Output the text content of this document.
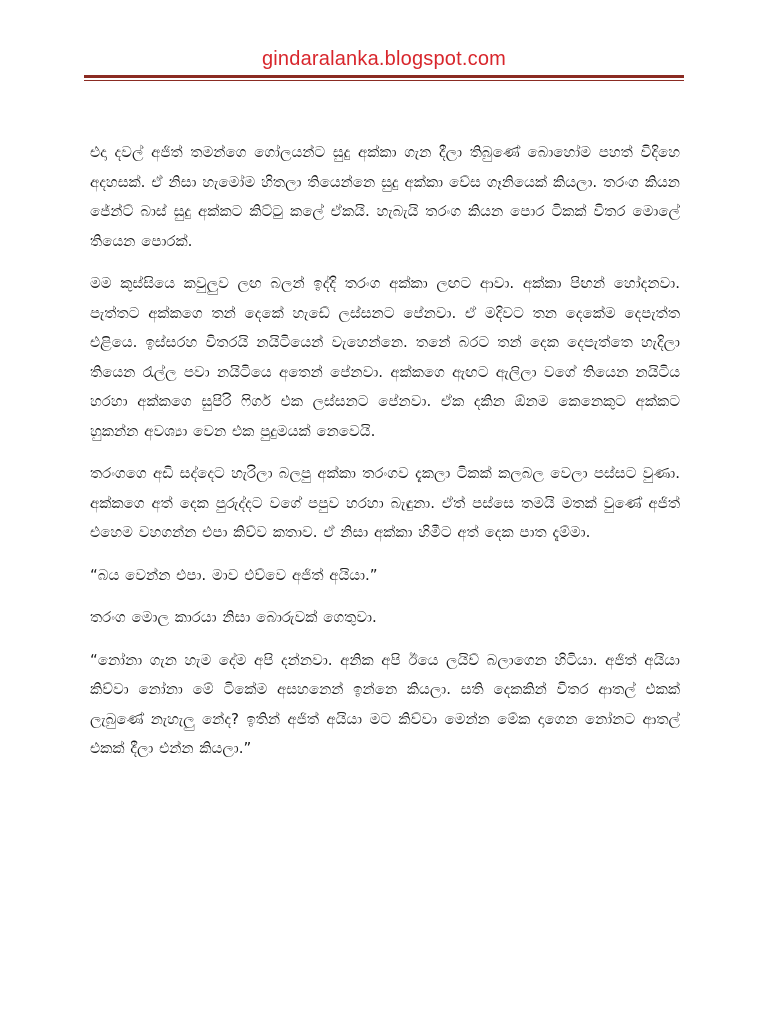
gindaralanka.blogspot.com

එදා දවල් අජිත් තමන්ගෙ ගෝලයන්ට සුදු අක්කා ගැන දීලා තිබුණේ බොහෝම පහත් විදිහෙ අදහසක්. ඒ නිසා හැමෝම හිතලා තියෙන්නෙ සුදු අක්කා වේස ගෑනියෙක් කියලා. තරංග කියන ජේන්ට් බාස් සුදු අක්කට කිට්ටු කලේ ඒකයි. හැබැයි තරංග කියන පොර ටිකක් විතර මොලේ තියෙන පොරක්.

මම කුස්සියෙ කවුලුව ලඟ බලන් ඉද්දි තරංග අක්කා ලඟට ආවා. අක්කා පිඟන් හෝදනවා. පැත්තට අක්කගෙ තන් දෙකේ හැඩේ ලස්සනට පේනවා. ඒ මදිවට තන දෙකේම දෙපැත්ත එළියෙ. ඉස්සරහ විතරයි නයිටියෙන් වැහෙන්නෙ. තනේ බරට තන් දෙක දෙපැත්තෙ හැදිලා තියෙන රැල්ල පවා නයිටියෙ අතෙන් පේනවා. අක්කගෙ ඇඟට ඇලිලා වගේ තියෙන නයිටිය හරහා අක්කගෙ සුපිරි ෆිගර් එක ලස්සනට පේනවා. ඒක දකින ඕනම කෙනෙකුට අක්කට හුකන්න අවශ්‍යා වෙන එක පුදුමයක් නෙවෙයි.

තරංගගෙ අඩි සද්දෙට හැරිලා බලපු අක්කා තරංගව දැකලා ටිකක් කලබල වෙලා පස්සට වුණා. අක්කගෙ අත් දෙක පුරුද්දට වගේ පපුව හරහා බැඳුනා. ඒත් පස්සෙ තමයි මතක් වුණේ අජිත් එහෙම වහගන්න එපා කිව්ව කතාව. ඒ නිසා අක්කා හිමීට අත් දෙක පාත දැම්මා.

“බය වෙන්න එපා. මාව එව්වෙ අජිත් අයියා.”

තරංග මොල කාරයා නිසා බොරුවක් ගෙතුවා.

“නෝනා ගැන හැම දේම අපි දන්නවා. අනික අපි ඊයෙ ලයිව් බලාගෙන හිටියා. අජිත් අයියා කිව්වා නෝනා මේ ටිකේම අසහනෙන් ඉන්නෙ කියලා. සති දෙකකින් විතර ආතල් එකක් ලැබුණේ නැහැලු නේද? ඉතින් අජිත් අයියා මට කිව්වා මෙන්න මේක දාගෙන නෝනට ආතල් එකක් දීලා එන්න කියලා.”
